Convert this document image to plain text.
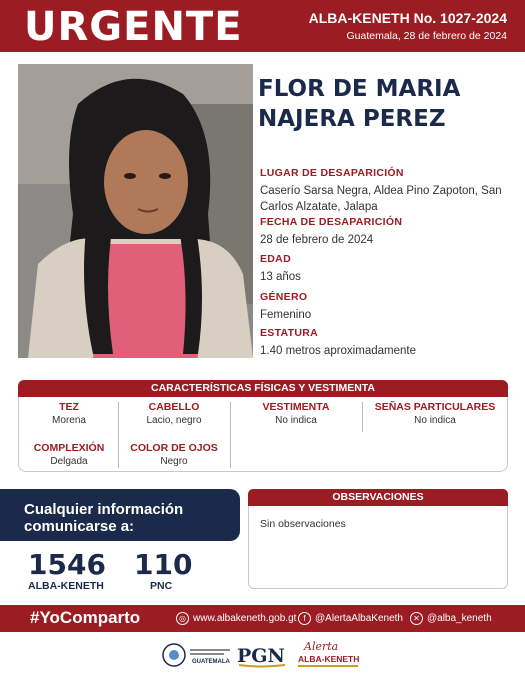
URGENTE	ALBA-KENETH No. 1027-2024
Guatemala, 28 de febrero de 2024
FLOR DE MARIA
NAJERA PEREZ
LUGAR DE DESAPARICIÓN
Caserío Sarsa Negra, Aldea Pino Zapoton, San Carlos Alzatate, Jalapa
FECHA DE DESAPARICIÓN
28 de febrero de 2024
EDAD
13 años
GÉNERO
Femenino
ESTATURA
1.40 metros aproximadamente
CARACTERÍSTICAS FÍSICAS Y VESTIMENTA
TEZ
Morena
CABELLO
Lacio, negro
VESTIMENTA
No indica
SEÑAS PARTICULARES
No indica
COMPLEXIÓN
Delgada
COLOR DE OJOS
Negro
Cualquier información
comunicarse a:
1546
ALBA-KENETH
110
PNC
OBSERVACIONES
Sin observaciones
#YoComparto	◎ www.albakeneth.gob.gt f @AlertaAlbaKeneth	✕ @alba_keneth
GUATEMALA PGN Alerta
ALBA-KENETH
